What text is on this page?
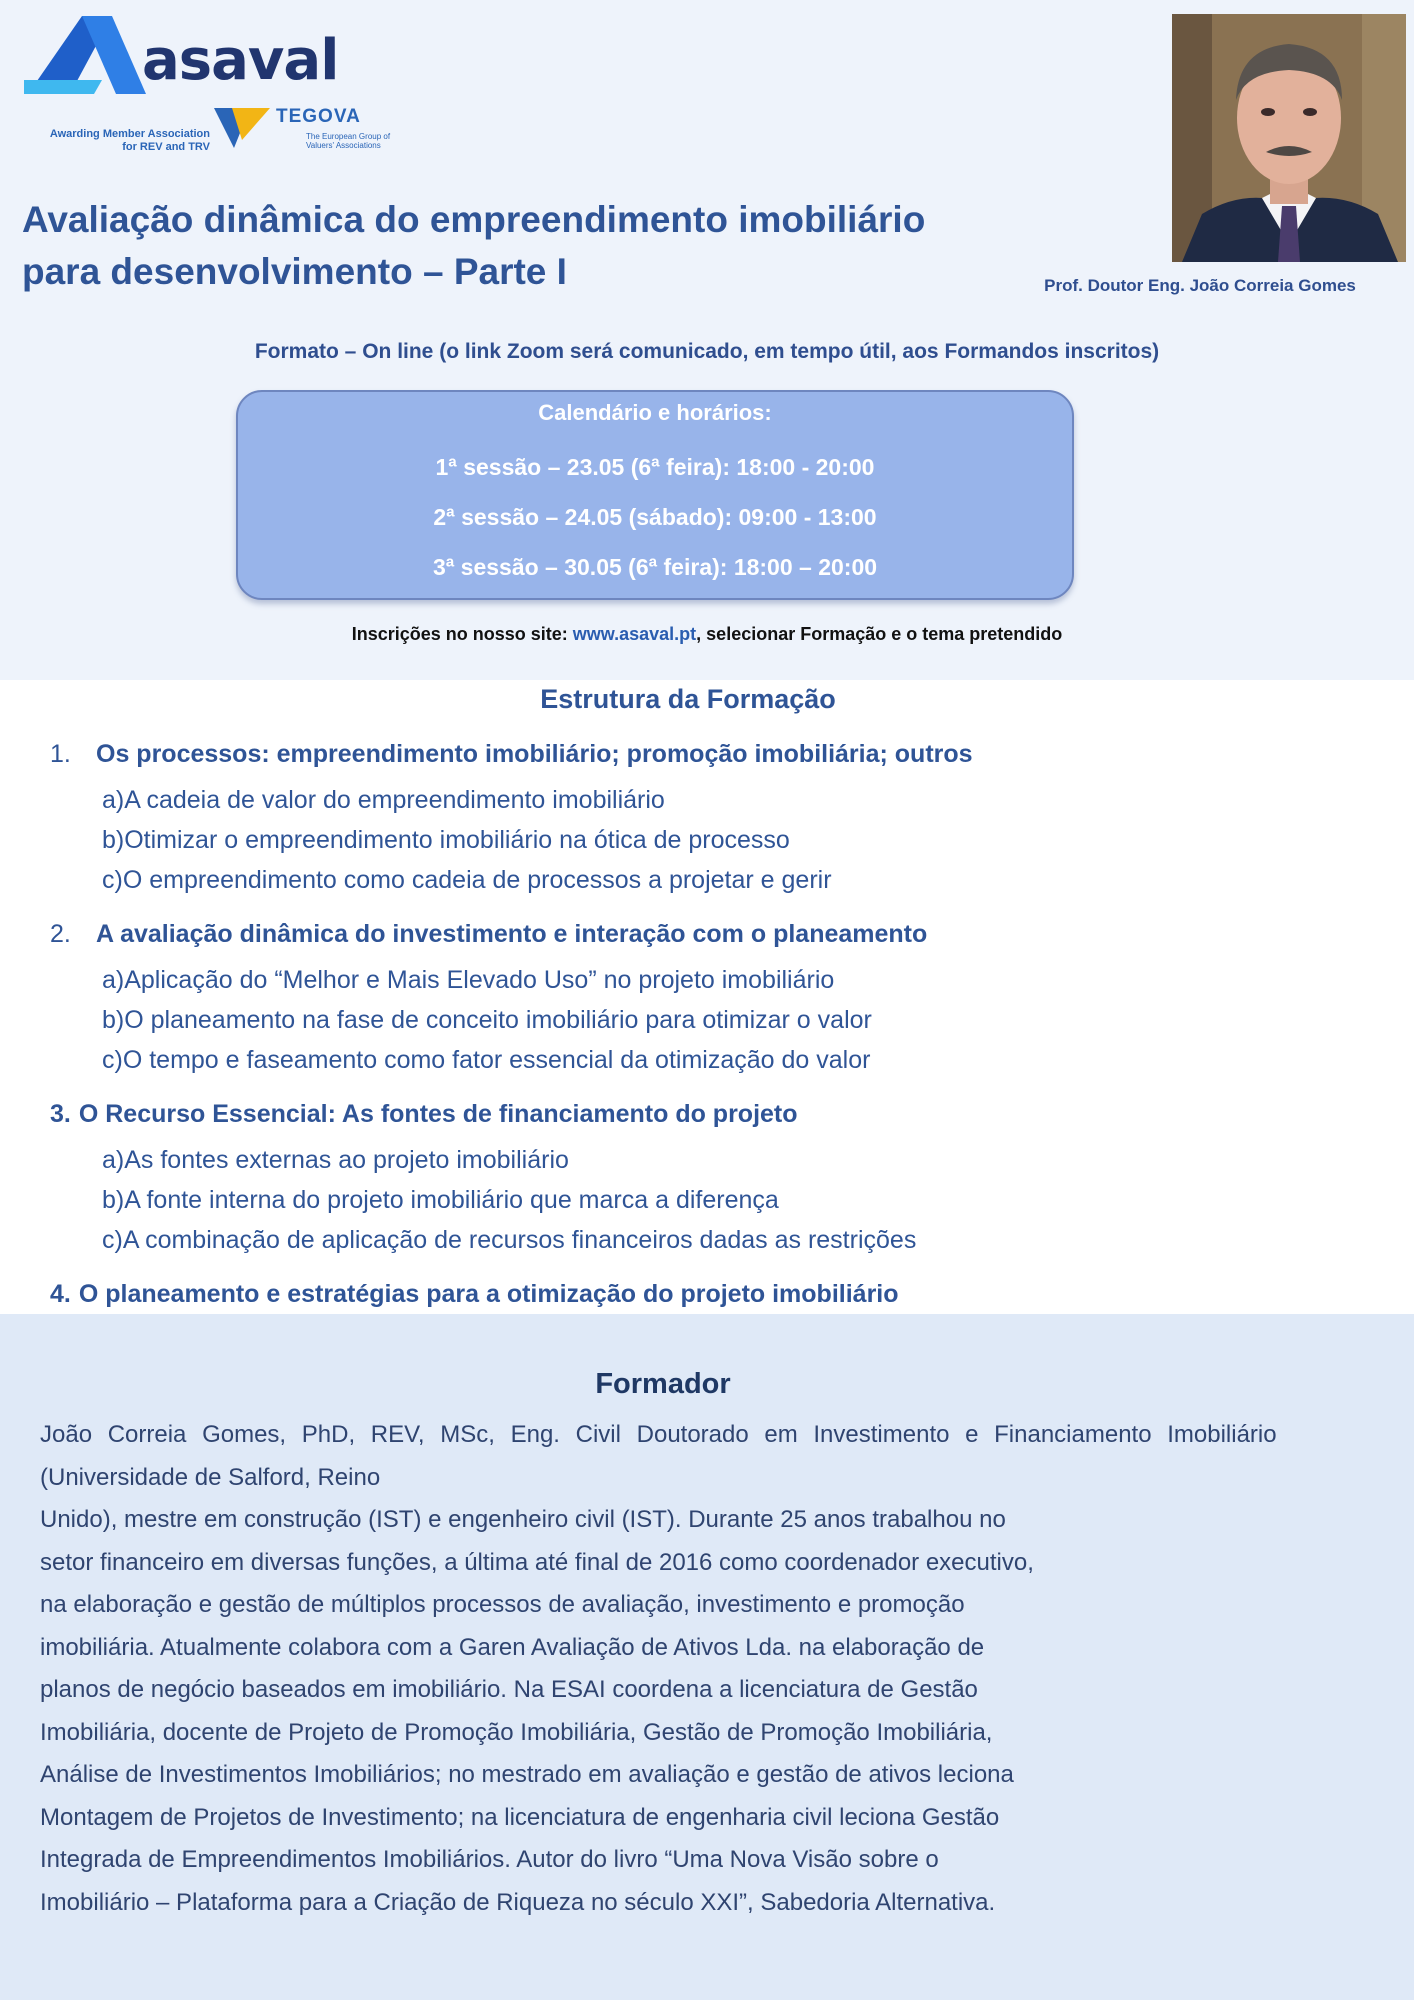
asaval
Awarding Member Association
for REV and TRV
TEGOVA
The European Group of Valuers' Associations
Prof. Doutor Eng. João Correia Gomes
Avaliação dinâmica do empreendimento imobiliário
para desenvolvimento – Parte I
Formato – On line (o link Zoom será comunicado, em tempo útil, aos Formandos inscritos)
Calendário e horários:
1ª sessão – 23.05 (6ª feira): 18:00 - 20:00
2ª sessão – 24.05 (sábado): 09:00 - 13:00
3ª sessão – 30.05 (6ª feira): 18:00 – 20:00
Inscrições no nosso site: www.asaval.pt, selecionar Formação e o tema pretendido
Estrutura da Formação
1. Os processos: empreendimento imobiliário; promoção imobiliária; outros
a)A cadeia de valor do empreendimento imobiliário
b)Otimizar o empreendimento imobiliário na ótica de processo
c)O empreendimento como cadeia de processos a projetar e gerir
2. A avaliação dinâmica do investimento e interação com o planeamento
a)Aplicação do “Melhor e Mais Elevado Uso” no projeto imobiliário
b)O planeamento na fase de conceito imobiliário para otimizar o valor
c)O tempo e faseamento como fator essencial da otimização do valor
3. O Recurso Essencial: As fontes de financiamento do projeto
a)As fontes externas ao projeto imobiliário
b)A fonte interna do projeto imobiliário que marca a diferença
c)A combinação de aplicação de recursos financeiros dadas as restrições
4. O planeamento e estratégias para a otimização do projeto imobiliário
Formador

João Correia Gomes, PhD, REV, MSc, Eng. Civil Doutorado em Investimento e Financiamento Imobiliário

(Universidade de Salford, Reino

Unido), mestre em construção (IST) e engenheiro civil (IST). Durante 25 anos trabalhou no

setor financeiro em diversas funções, a última até final de 2016 como coordenador executivo,

na elaboração e gestão de múltiplos processos de avaliação, investimento e promoção

imobiliária. Atualmente colabora com a Garen Avaliação de Ativos Lda. na elaboração de

planos de negócio baseados em imobiliário. Na ESAI coordena a licenciatura de Gestão

Imobiliária, docente de Projeto de Promoção Imobiliária, Gestão de Promoção Imobiliária,

Análise de Investimentos Imobiliários; no mestrado em avaliação e gestão de ativos leciona

Montagem de Projetos de Investimento; na licenciatura de engenharia civil leciona Gestão

Integrada de Empreendimentos Imobiliários. Autor do livro “Uma Nova Visão sobre o

Imobiliário – Plataforma para a Criação de Riqueza no século XXI”, Sabedoria Alternativa.
